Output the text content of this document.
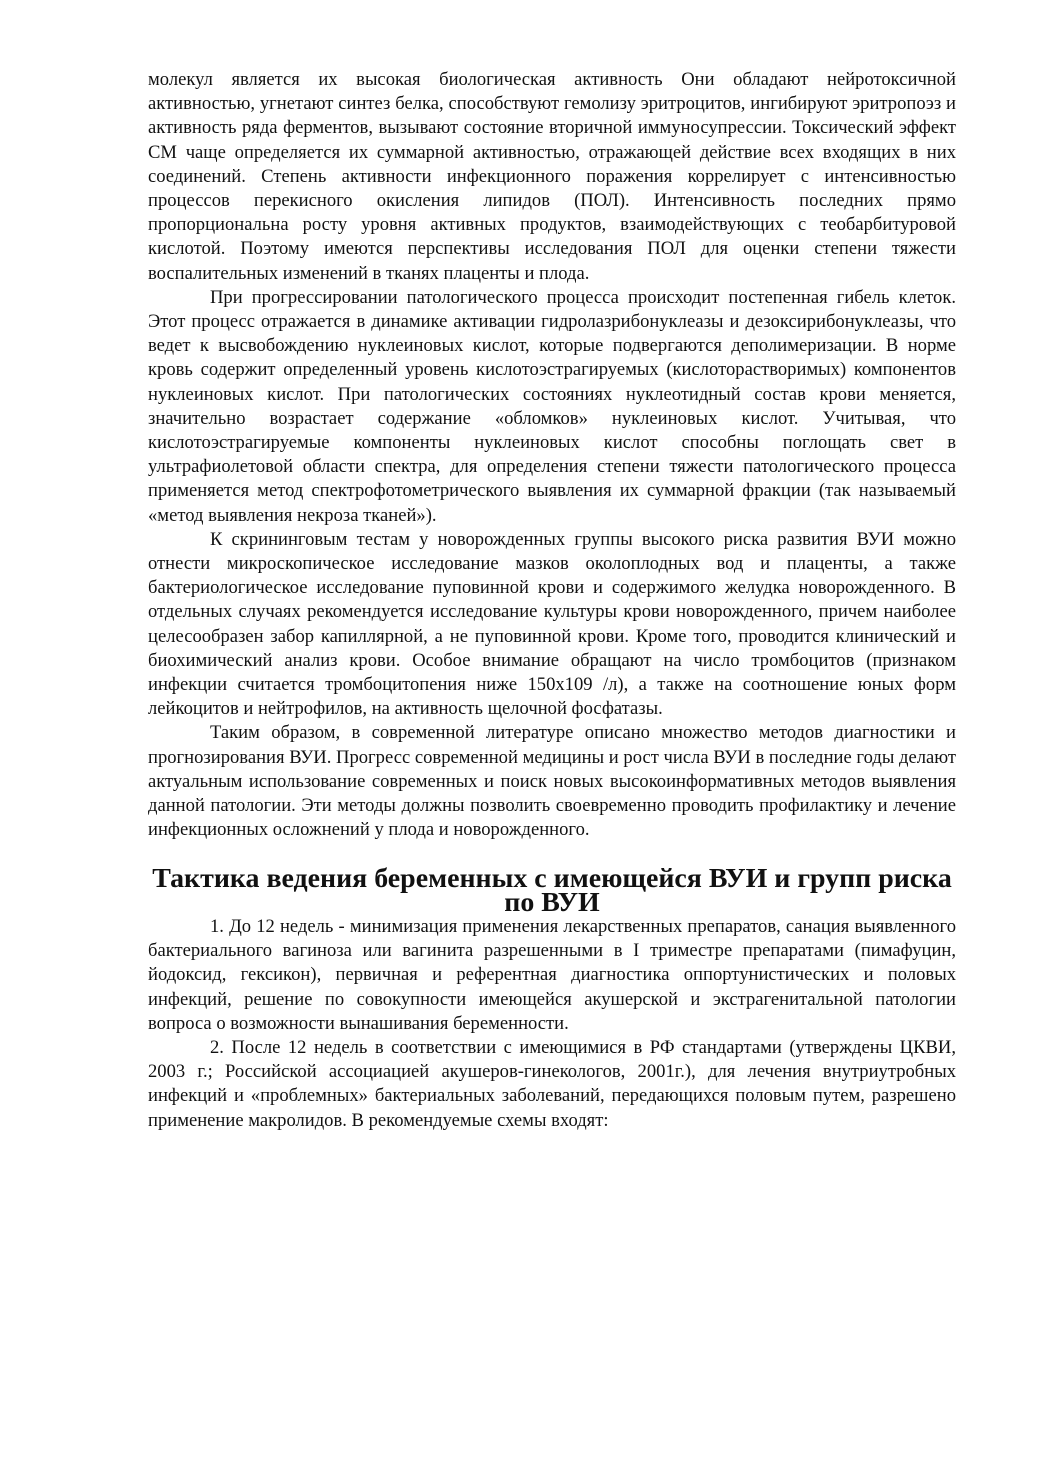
молекул является их высокая биологическая активность Они обладают нейротоксичной активностью, угнетают синтез белка, способствуют гемолизу эритроцитов, ингибируют эритропоэз и активность ряда ферментов, вызывают состояние вторичной иммуносупрессии. Токсический эффект СМ чаще определяется их суммарной активностью, отражающей действие всех входящих в них соединений. Степень активности инфекционного поражения коррелирует с интенсивностью процессов перекисного окисления липидов (ПОЛ). Интенсивность последних прямо пропорциональна росту уровня активных продуктов, взаимодействующих с теобарбитуровой кислотой. Поэтому имеются перспективы исследования ПОЛ для оценки степени тяжести воспалительных изменений в тканях плаценты и плода.

При прогрессировании патологического процесса происходит постепенная гибель клеток. Этот процесс отражается в динамике активации гидролазрибонуклеазы и дезоксирибонуклеазы, что ведет к высвобождению нуклеиновых кислот, которые подвергаются деполимеризации. В норме кровь содержит определенный уровень кислотоэстрагируемых (кислоторастворимых) компонентов нуклеиновых кислот. При патологических состояниях нуклеотидный состав крови меняется, значительно возрастает содержание «обломков» нуклеиновых кислот. Учитывая, что кислотоэстрагируемые компоненты нуклеиновых кислот способны поглощать свет в ультрафиолетовой области спектра, для определения степени тяжести патологического процесса применяется метод спектрофотометрического выявления их суммарной фракции (так называемый «метод выявления некроза тканей»).

К скрининговым тестам у новорожденных группы высокого риска развития ВУИ можно отнести микроскопическое исследование мазков околоплодных вод и плаценты, а также бактериологическое исследование пуповинной крови и содержимого желудка новорожденного. В отдельных случаях рекомендуется исследование культуры крови новорожденного, причем наиболее целесообразен забор капиллярной, а не пуповинной крови. Кроме того, проводится клинический и биохимический анализ крови. Особое внимание обращают на число тромбоцитов (признаком инфекции считается тромбоцитопения ниже 150х109 /л), а также на соотношение юных форм лейкоцитов и нейтрофилов, на активность щелочной фосфатазы.

Таким образом, в современной литературе описано множество методов диагностики и прогнозирования ВУИ. Прогресс современной медицины и рост числа ВУИ в последние годы делают актуальным использование современных и поиск новых высокоинформативных методов выявления данной патологии. Эти методы должны позволить своевременно проводить профилактику и лечение инфекционных осложнений у плода и новорожденного.

Тактика ведения беременных с имеющейся ВУИ и групп риска по ВУИ

1. До 12 недель - минимизация применения лекарственных препаратов, санация выявленного бактериального вагиноза или вагинита разрешенными в I триместре препаратами (пимафуцин, йодоксид, гексикон), первичная и референтная диагностика оппортунистических и половых инфекций, решение по совокупности имеющейся акушерской и экстрагенитальной патологии вопроса о возможности вынашивания беременности.

2. После 12 недель в соответствии с имеющимися в РФ стандартами (утверждены ЦКВИ, 2003 г.; Российской ассоциацией акушеров-гинекологов, 2001г.), для лечения внутриутробных инфекций и «проблемных» бактериальных заболеваний, передающихся половым путем, разрешено применение макролидов. В рекомендуемые схемы входят:
